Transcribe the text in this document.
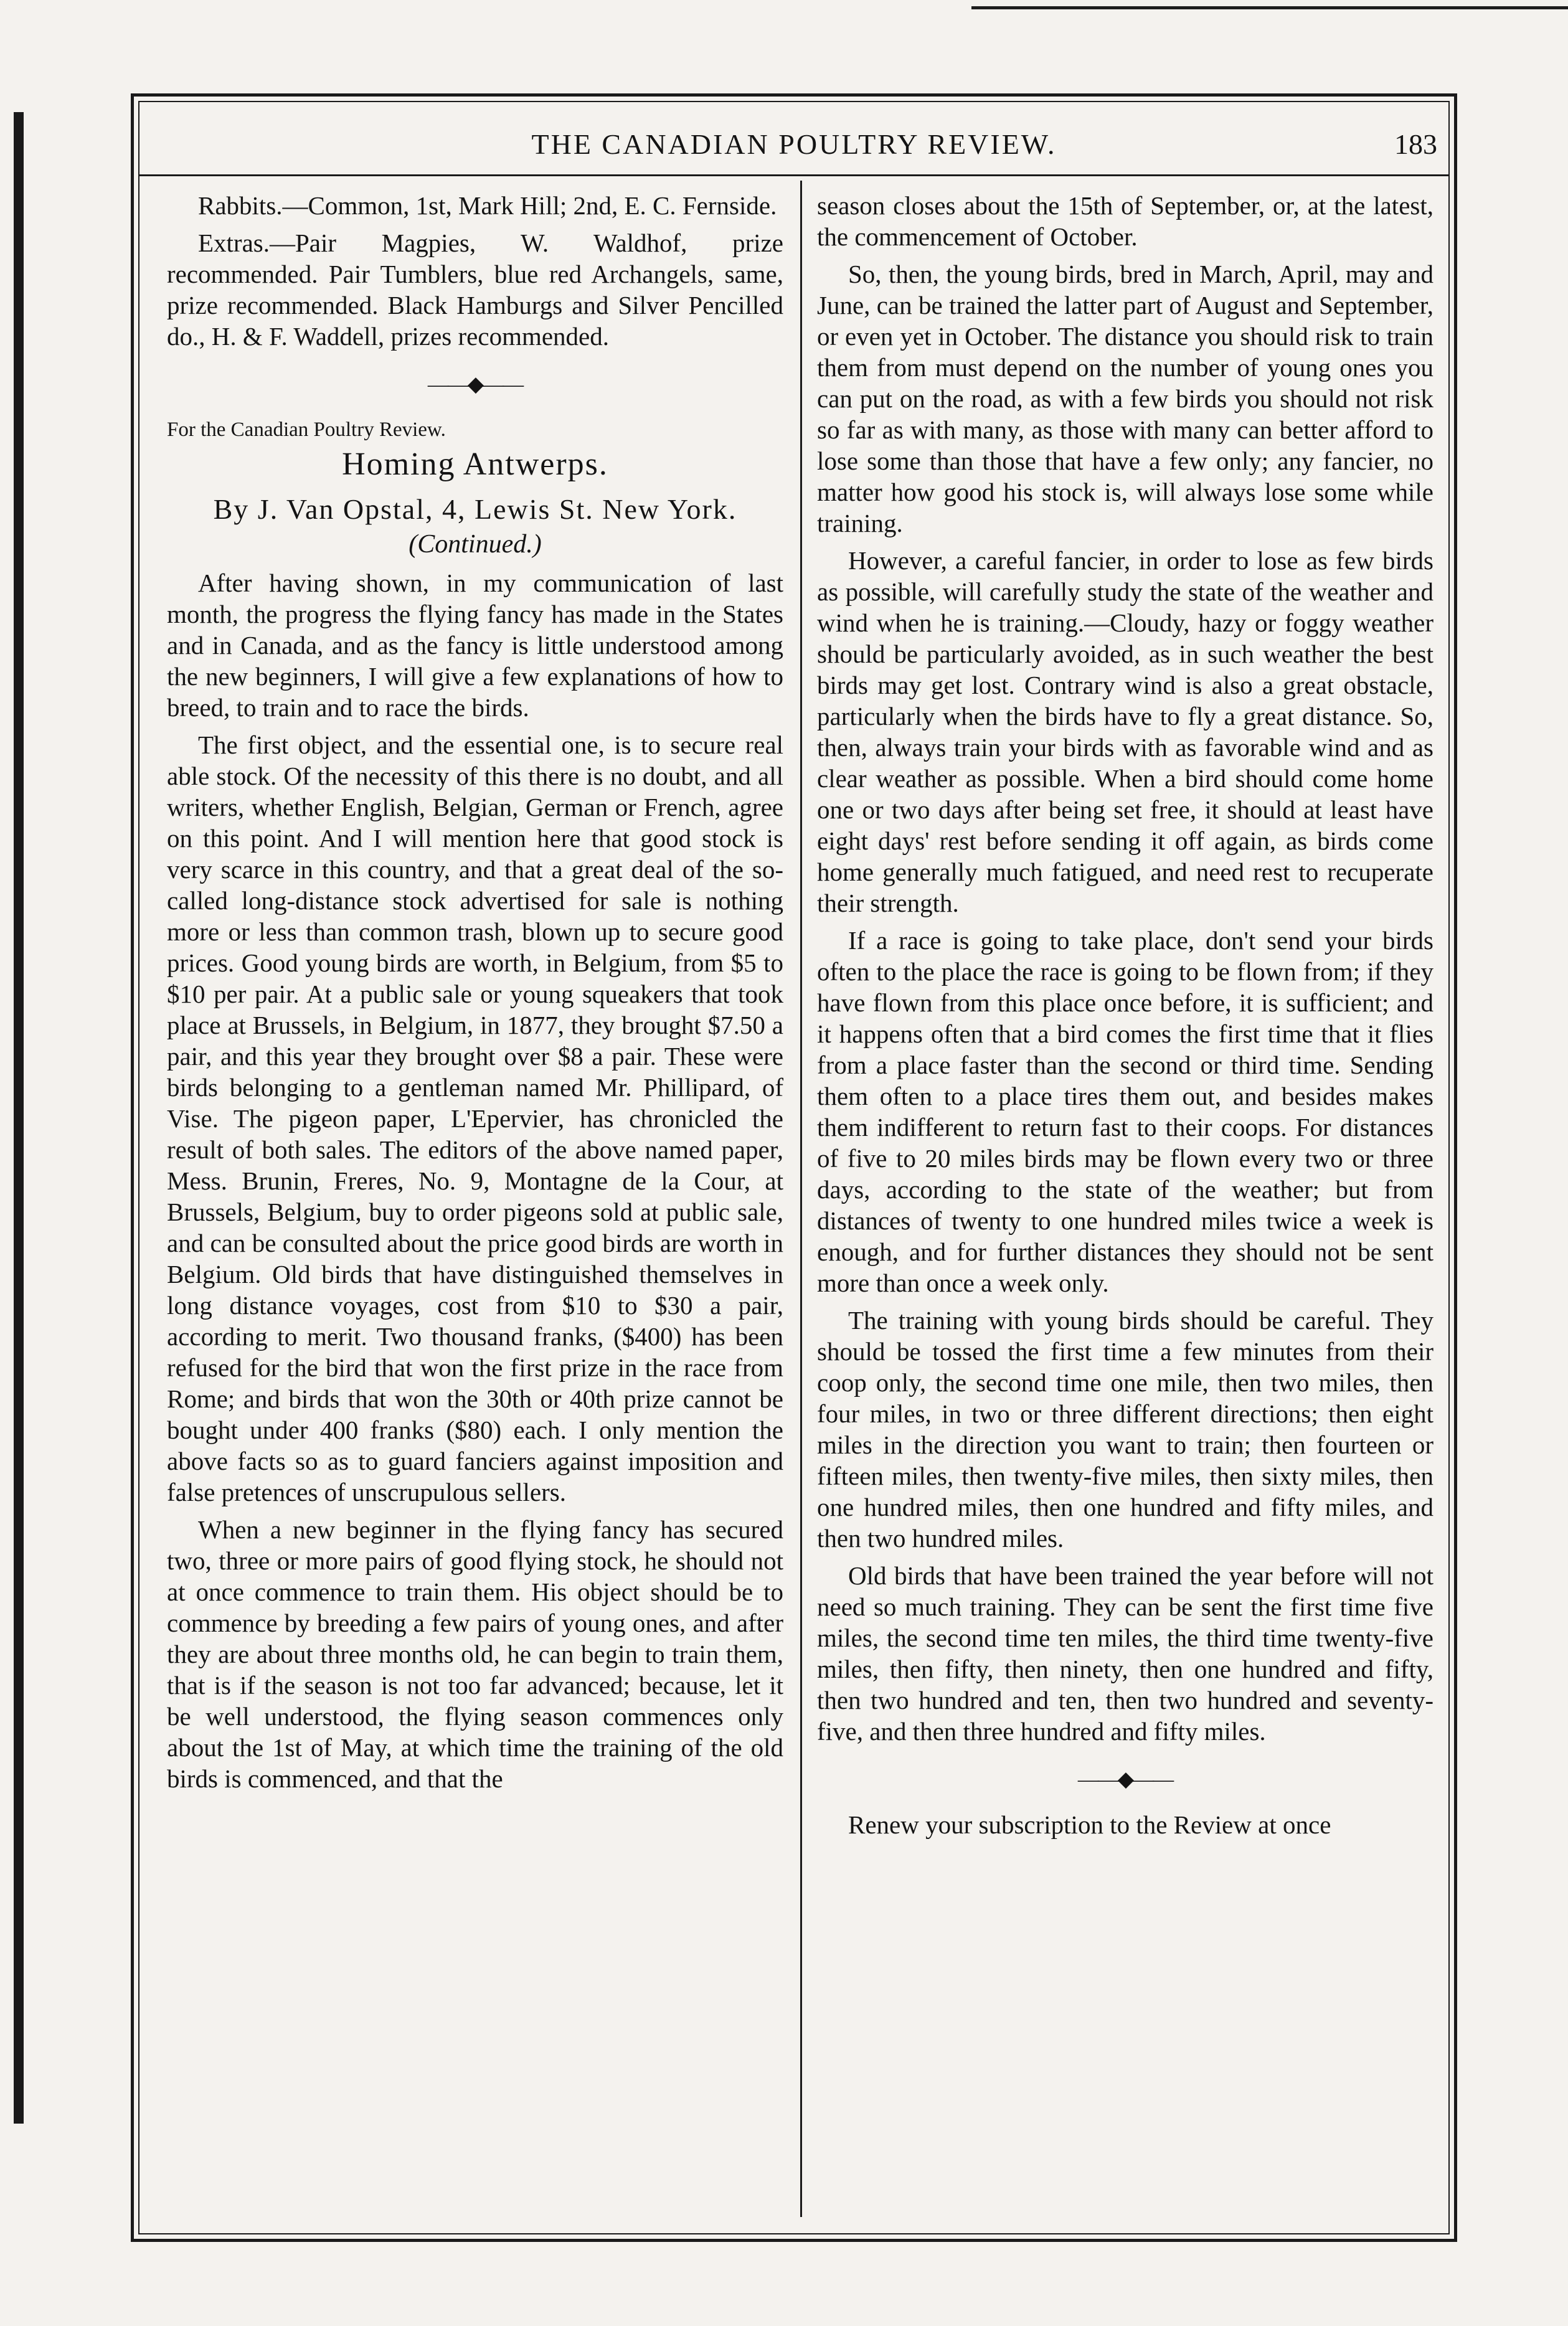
THE CANADIAN POULTRY REVIEW.	183

Rabbits.—Common, 1st, Mark Hill; 2nd, E. C. Fernside.

Extras.—Pair Magpies, W. Waldhof, prize recommended. Pair Tumblers, blue red Archangels, same, prize recommended. Black Hamburgs and Silver Pencilled do., H. & F. Waddell, prizes recommended.

——◆——
For the Canadian Poultry Review.
Homing Antwerps.
By J. Van Opstal, 4, Lewis St. New York.
(Continued.)

After having shown, in my communication of last month, the progress the flying fancy has made in the States and in Canada, and as the fancy is little understood among the new beginners, I will give a few explanations of how to breed, to train and to race the birds.

The first object, and the essential one, is to secure real able stock. Of the necessity of this there is no doubt, and all writers, whether English, Belgian, German or French, agree on this point. And I will mention here that good stock is very scarce in this country, and that a great deal of the so-called long-distance stock advertised for sale is nothing more or less than common trash, blown up to secure good prices. Good young birds are worth, in Belgium, from $5 to $10 per pair. At a public sale or young squeakers that took place at Brussels, in Belgium, in 1877, they brought $7.50 a pair, and this year they brought over $8 a pair. These were birds belonging to a gentleman named Mr. Phillipard, of Vise. The pigeon paper, L'Epervier, has chronicled the result of both sales. The editors of the above named paper, Mess. Brunin, Freres, No. 9, Montagne de la Cour, at Brussels, Belgium, buy to order pigeons sold at public sale, and can be consulted about the price good birds are worth in Belgium. Old birds that have distinguished themselves in long distance voyages, cost from $10 to $30 a pair, according to merit. Two thousand franks, ($400) has been refused for the bird that won the first prize in the race from Rome; and birds that won the 30th or 40th prize cannot be bought under 400 franks ($80) each. I only mention the above facts so as to guard fanciers against imposition and false pretences of unscrupulous sellers.

When a new beginner in the flying fancy has secured two, three or more pairs of good flying stock, he should not at once commence to train them. His object should be to commence by breeding a few pairs of young ones, and after they are about three months old, he can begin to train them, that is if the season is not too far advanced; because, let it be well understood, the flying season commences only about the 1st of May, at which time the training of the old birds is commenced, and that the

season closes about the 15th of September, or, at the latest, the commencement of October.

So, then, the young birds, bred in March, April, may and June, can be trained the latter part of August and September, or even yet in October. The distance you should risk to train them from must depend on the number of young ones you can put on the road, as with a few birds you should not risk so far as with many, as those with many can better afford to lose some than those that have a few only; any fancier, no matter how good his stock is, will always lose some while training.

However, a careful fancier, in order to lose as few birds as possible, will carefully study the state of the weather and wind when he is training.—Cloudy, hazy or foggy weather should be particularly avoided, as in such weather the best birds may get lost. Contrary wind is also a great obstacle, particularly when the birds have to fly a great distance. So, then, always train your birds with as favorable wind and as clear weather as possible. When a bird should come home one or two days after being set free, it should at least have eight days' rest before sending it off again, as birds come home generally much fatigued, and need rest to recuperate their strength.

If a race is going to take place, don't send your birds often to the place the race is going to be flown from; if they have flown from this place once before, it is sufficient; and it happens often that a bird comes the first time that it flies from a place faster than the second or third time. Sending them often to a place tires them out, and besides makes them indifferent to return fast to their coops. For distances of five to 20 miles birds may be flown every two or three days, according to the state of the weather; but from distances of twenty to one hundred miles twice a week is enough, and for further distances they should not be sent more than once a week only.

The training with young birds should be careful. They should be tossed the first time a few minutes from their coop only, the second time one mile, then two miles, then four miles, in two or three different directions; then eight miles in the direction you want to train; then fourteen or fifteen miles, then twenty-five miles, then sixty miles, then one hundred miles, then one hundred and fifty miles, and then two hundred miles.

Old birds that have been trained the year before will not need so much training. They can be sent the first time five miles, the second time ten miles, the third time twenty-five miles, then fifty, then ninety, then one hundred and fifty, then two hundred and ten, then two hundred and seventy-five, and then three hundred and fifty miles.

——◆——

Renew your subscription to the Review at once
